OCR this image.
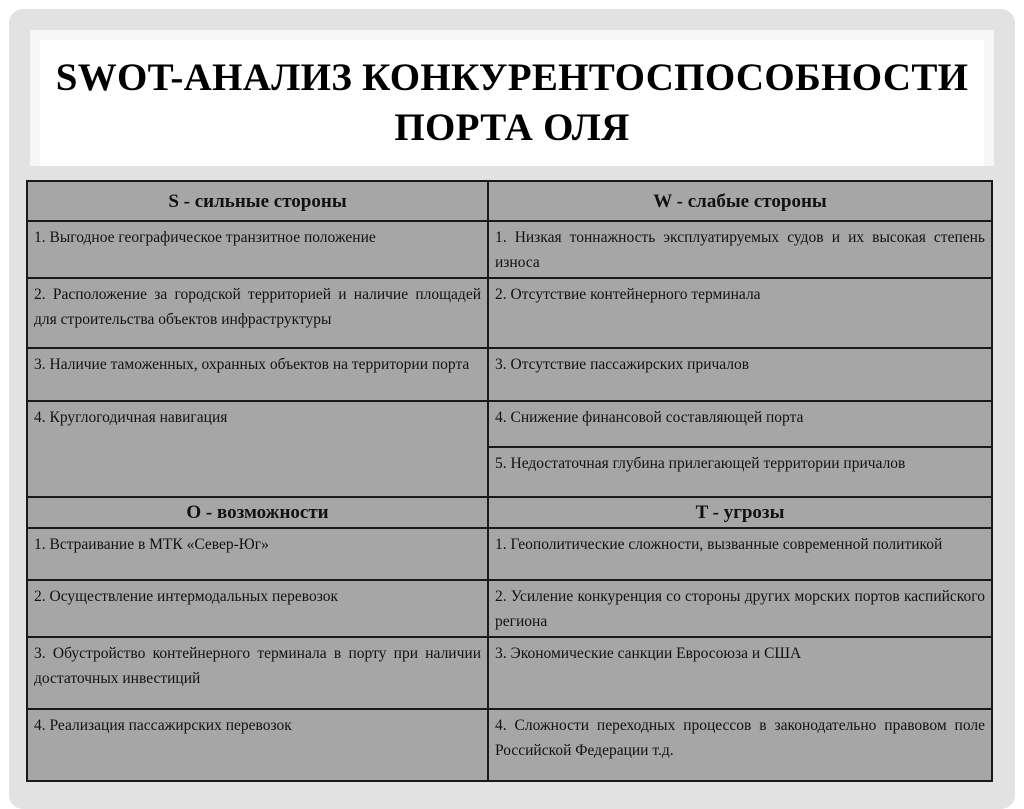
SWOT-АНАЛИЗ КОНКУРЕНТОСПОСОБНОСТИ ПОРТА ОЛЯ
S - сильные стороны	W - слабые стороны
1. Выгодное географическое транзитное положение	1. Низкая тоннажность эксплуатируемых судов и их высокая степень износа
2. Расположение за городской территорией и наличие площадей для строительства объектов инфраструктуры	2. Отсутствие контейнерного терминала
3. Наличие таможенных, охранных объектов на территории порта	3. Отсутствие пассажирских причалов
4. Круглогодичная навигация	4. Снижение финансовой составляющей порта
	5. Недостаточная глубина прилегающей территории причалов
O - возможности	T - угрозы
1. Встраивание в МТК «Север-Юг»	1. Геополитические сложности, вызванные современной политикой
2. Осуществление интермодальных перевозок	2. Усиление конкуренция со стороны других морских портов каспийского региона
3. Обустройство контейнерного терминала в порту при наличии достаточных инвестиций	3. Экономические санкции Евросоюза и США
4. Реализация пассажирских перевозок	4. Сложности переходных процессов в законодательно правовом поле Российской Федерации т.д.
